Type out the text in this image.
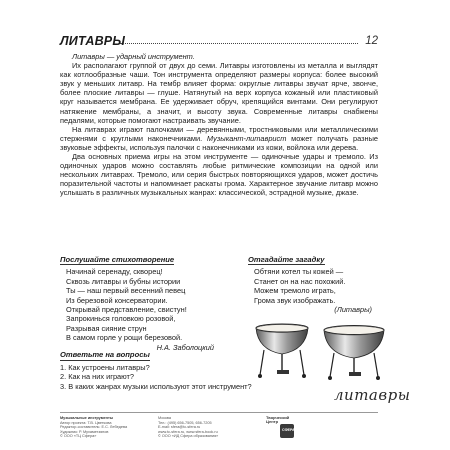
ЛИТАВРЫ	12

Литавры — ударный инструмент.

Их располагают группой от двух до семи. Литавры изготовлены из металла и выглядят как котлообразные чаши. Тон инструмента определяют размеры корпуса: более высокий звук у меньших литавр. На тембр влияет форма: округлые литавры звучат ярче, звонче, более плоские литавры — глуше. Натянутый на верх корпуса кожаный или пластиковый круг называется мембрана. Ее удерживает обруч, крепящийся винтами. Они регулируют натяжение мембраны, а значит, и высоту звука. Современные литавры снабжены педалями, которые помогают настраивать звучание.

На литаврах играют палочками — деревянными, тростниковыми или металлическими стержнями с круглыми наконечниками. Музыкант-литаврист может получать разные звуковые эффекты, используя палочки с наконечниками из кожи, войлока или дерева.

Два основных приема игры на этом инструменте — одиночные удары и тремоло. Из одиночных ударов можно составлять любые ритмические композиции на одной или нескольких литаврах. Тремоло, или серия быстрых повторяющихся ударов, может достичь поразительной частоты и напоминает раскаты грома. Характерное звучание литавр можно услышать в различных музыкальных жанрах: классической, эстрадной музыке, джазе.

Послушайте стихотворение
Начинай серенаду, скворец!
Сквозь литавры и бубны истории
Ты — наш первый весенний певец
Из березовой консерватории.
Открывай представление, свистун!
Запрокинься головкою розовой,
Разрывая сияние струн
В самом горле у рощи березовой.
Н.А. Заболоцкий
Отгадайте загадку
Обтяни котел ты кожей —
Станет он на нас похожий.
Можем тремоло играть,
Грома звук изображать.
(Литавры)
Ответьте на вопросы
1. Как устроены литавры?
2. Как на них играют?
3. В каких жанрах музыки используют этот инструмент?	литавры
Музыкальные инструменты
Автор проекта: Т.В. Цветкова
Редактор-составитель: Е.С. Лебедева
Художник: Р. Мухаметзянов
© ООО «ТЦ Сфера»
Москва
Тел.: (495) 656-7505, 656-7205
E-mail: sfera@tc-sfera.ru
www.tc-sfera.ru, www.sfera-book.ru
© ООО «ИД Сфера образования»
Творческий Центр
СФЕРА
